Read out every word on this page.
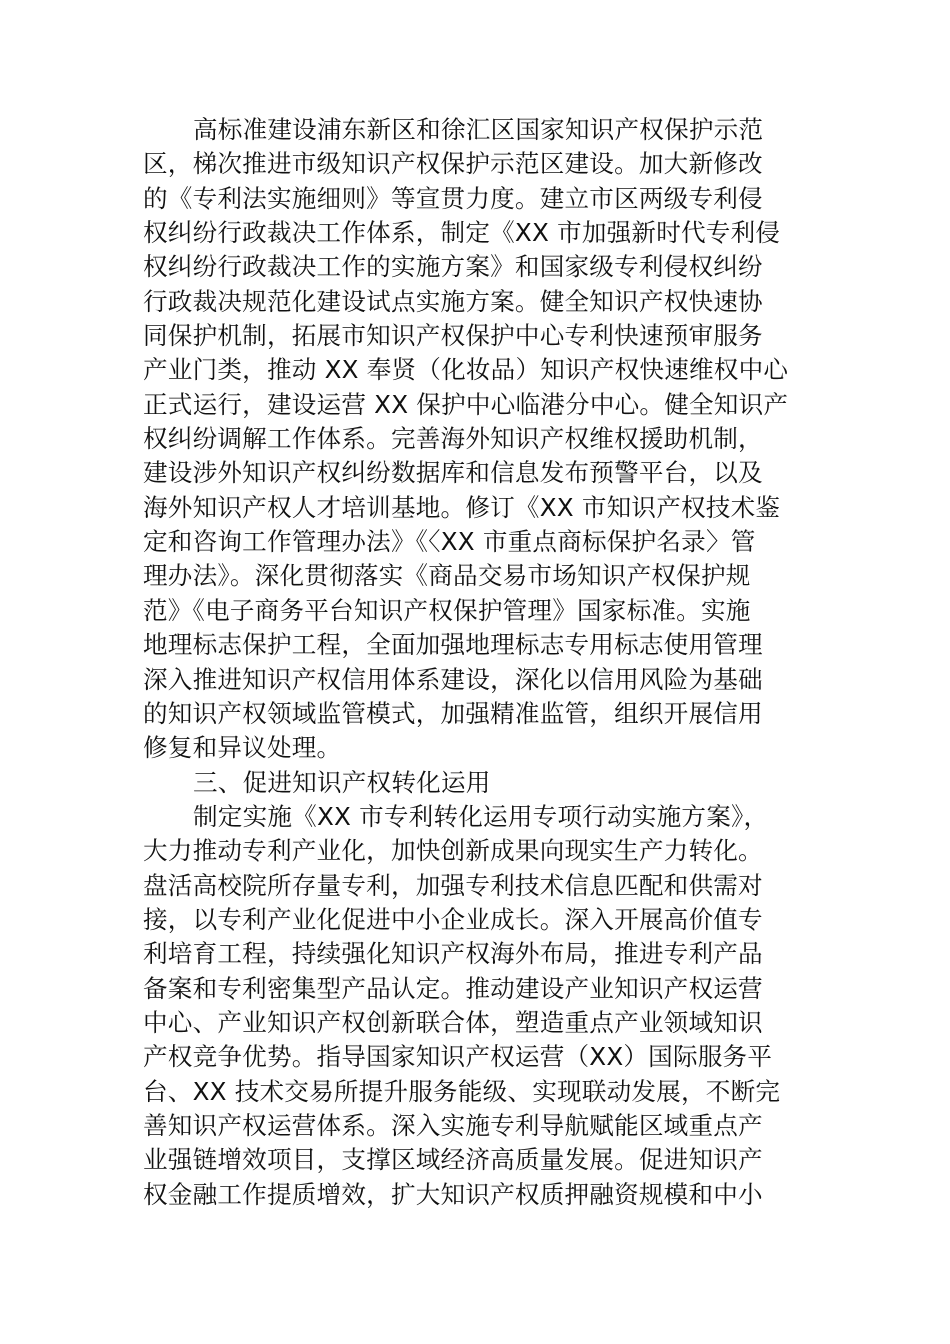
高标准建设浦东新区和徐汇区国家知识产权保护示范
区，梯次推进市级知识产权保护示范区建设。加大新修改
的《专利法实施细则》等宣贯力度。建立市区两级专利侵
权纠纷行政裁决工作体系，制定《XX 市加强新时代专利侵
权纠纷行政裁决工作的实施方案》和国家级专利侵权纠纷
行政裁决规范化建设试点实施方案。健全知识产权快速协
同保护机制，拓展市知识产权保护中心专利快速预审服务
产业门类，推动 XX 奉贤（化妆品）知识产权快速维权中心
正式运行，建设运营 XX 保护中心临港分中心。健全知识产
权纠纷调解工作体系。完善海外知识产权维权援助机制，
建设涉外知识产权纠纷数据库和信息发布预警平台，以及
海外知识产权人才培训基地。修订《XX 市知识产权技术鉴
定和咨询工作管理办法》《〈XX 市重点商标保护名录〉管
理办法》。深化贯彻落实《商品交易市场知识产权保护规
范》《电子商务平台知识产权保护管理》国家标准。实施
地理标志保护工程，全面加强地理标志专用标志使用管理
深入推进知识产权信用体系建设，深化以信用风险为基础
的知识产权领域监管模式，加强精准监管，组织开展信用
修复和异议处理。
三、促进知识产权转化运用
制定实施《XX 市专利转化运用专项行动实施方案》，
大力推动专利产业化，加快创新成果向现实生产力转化。
盘活高校院所存量专利，加强专利技术信息匹配和供需对
接，以专利产业化促进中小企业成长。深入开展高价值专
利培育工程，持续强化知识产权海外布局，推进专利产品
备案和专利密集型产品认定。推动建设产业知识产权运营
中心、产业知识产权创新联合体，塑造重点产业领域知识
产权竞争优势。指导国家知识产权运营（XX）国际服务平
台、XX 技术交易所提升服务能级、实现联动发展，不断完
善知识产权运营体系。深入实施专利导航赋能区域重点产
业强链增效项目，支撑区域经济高质量发展。促进知识产
权金融工作提质增效，扩大知识产权质押融资规模和中小
